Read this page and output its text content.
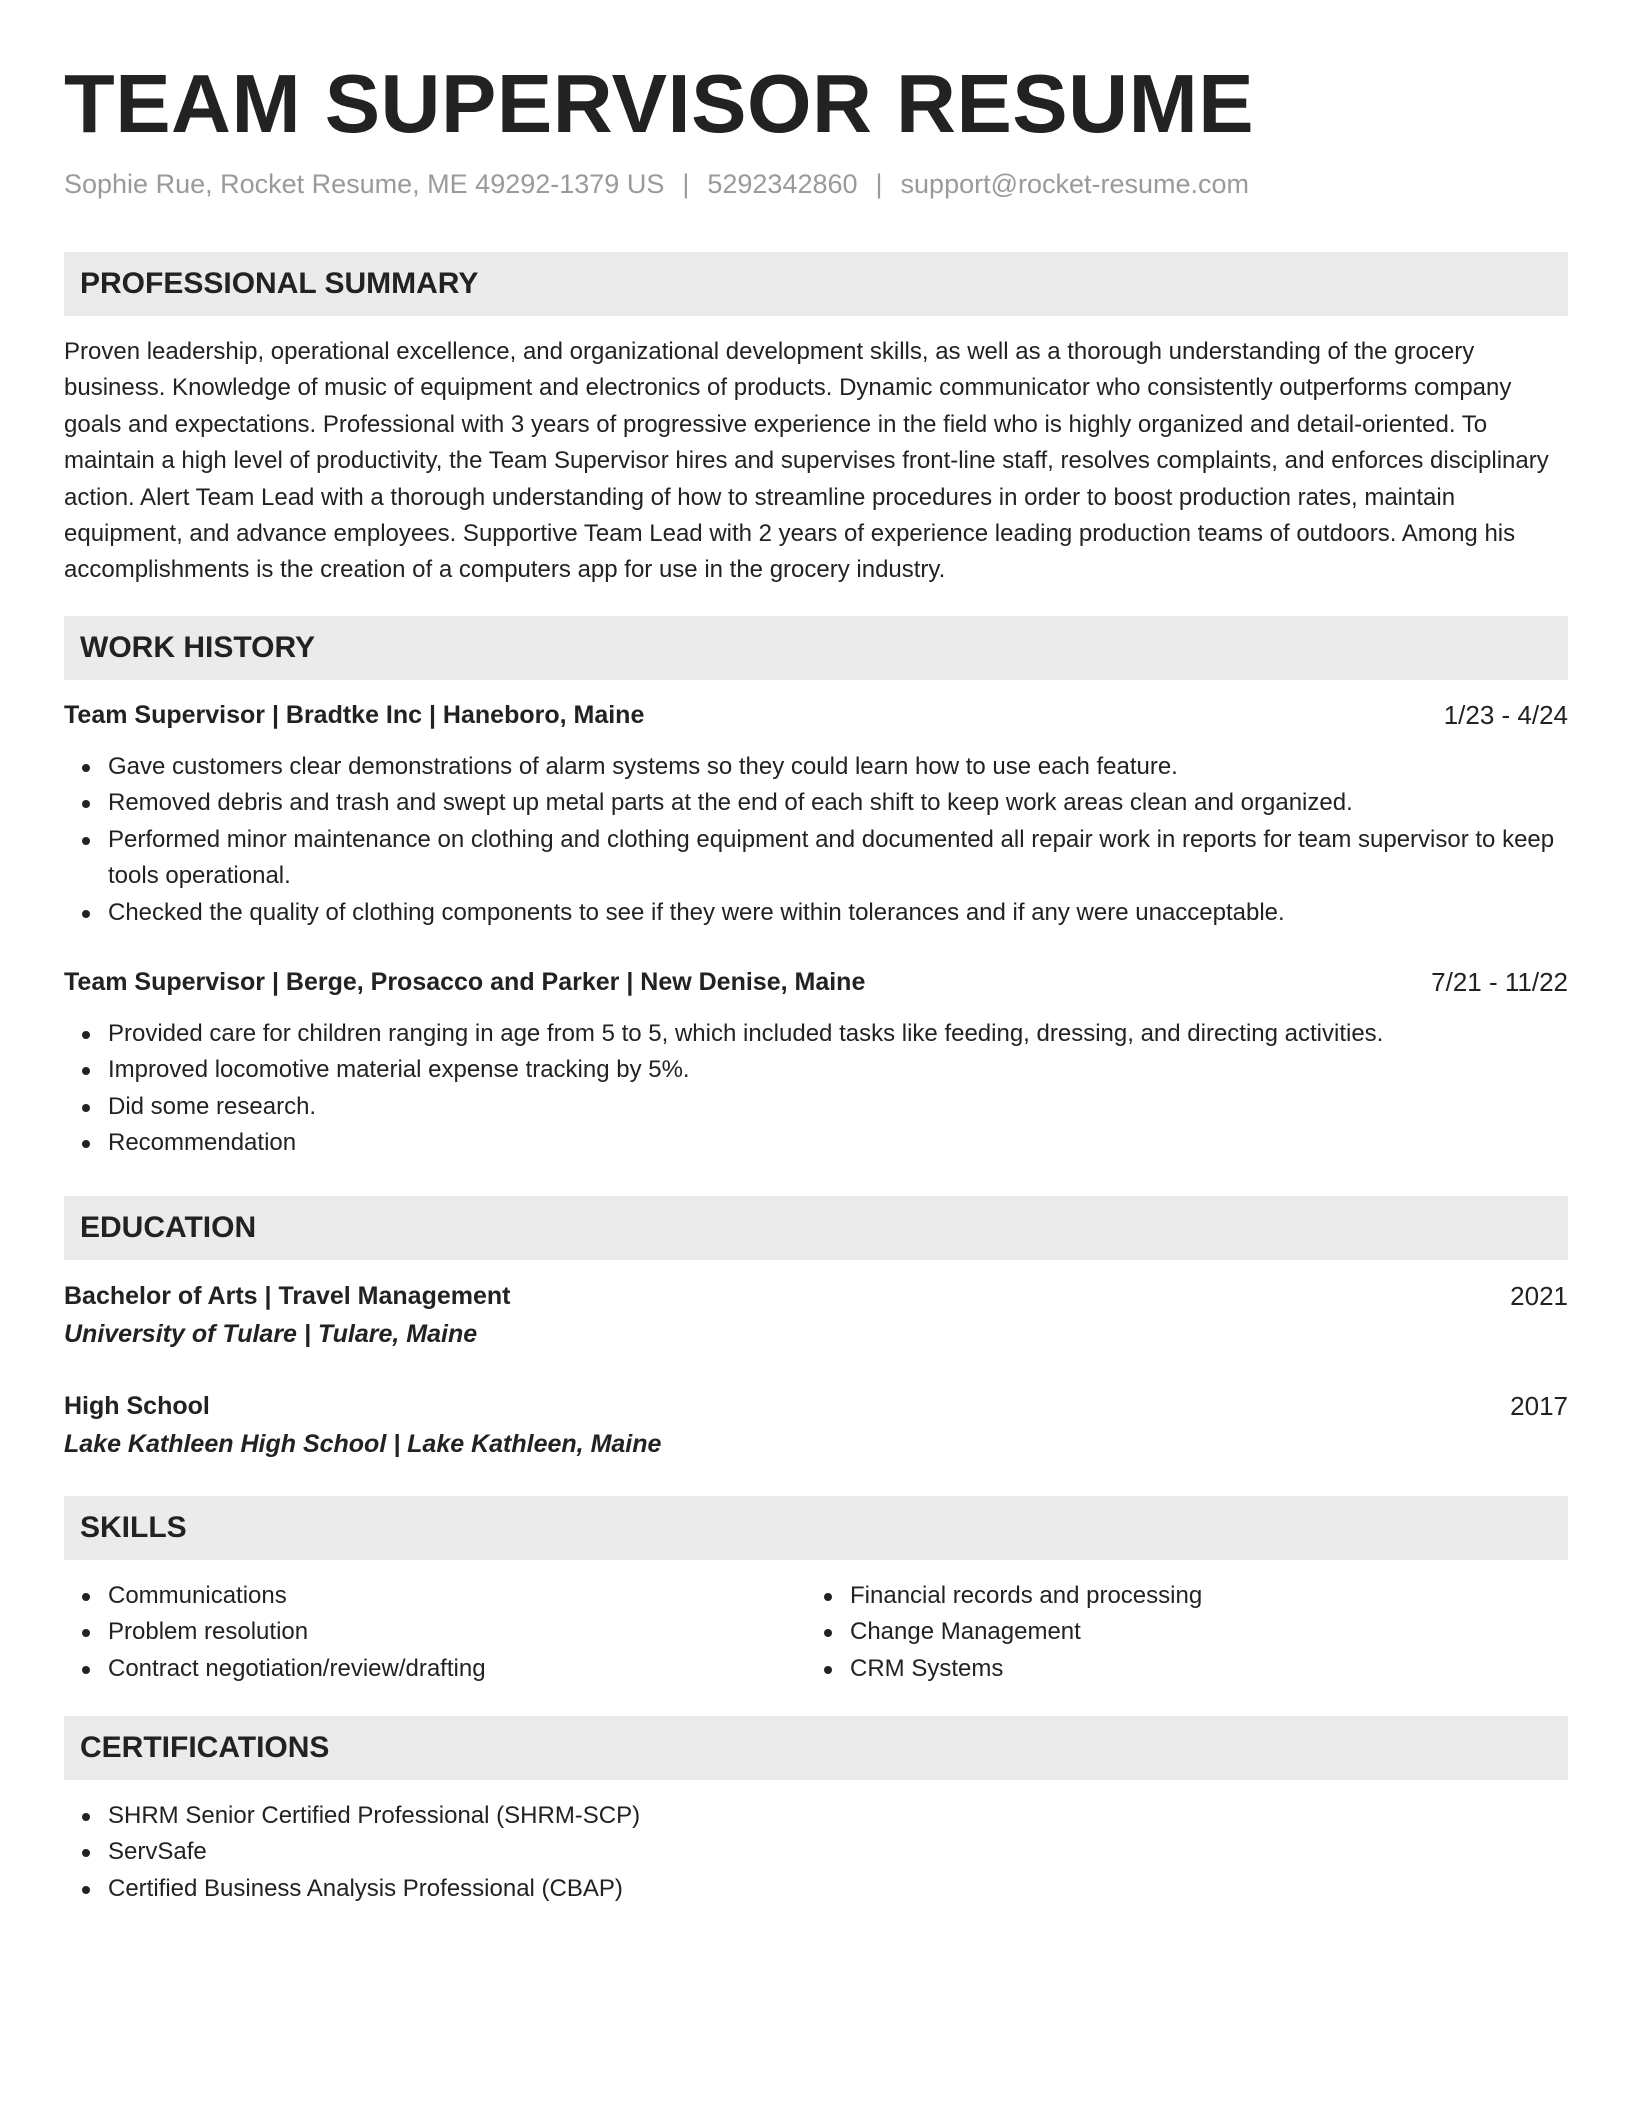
TEAM SUPERVISOR RESUME
Sophie Rue, Rocket Resume, ME 49292-1379 US | 5292342860 | support@rocket-resume.com
PROFESSIONAL SUMMARY

Proven leadership, operational excellence, and organizational development skills, as well as a thorough understanding of the grocery business. Knowledge of music of equipment and electronics of products. Dynamic communicator who consistently outperforms company goals and expectations. Professional with 3 years of progressive experience in the field who is highly organized and detail-oriented. To maintain a high level of productivity, the Team Supervisor hires and supervises front-line staff, resolves complaints, and enforces disciplinary action. Alert Team Lead with a thorough understanding of how to streamline procedures in order to boost production rates, maintain equipment, and advance employees. Supportive Team Lead with 2 years of experience leading production teams of outdoors. Among his accomplishments is the creation of a computers app for use in the grocery industry.

WORK HISTORY
Team Supervisor | Bradtke Inc | Haneboro, Maine	1/23 - 4/24
Gave customers clear demonstrations of alarm systems so they could learn how to use each feature.
Removed debris and trash and swept up metal parts at the end of each shift to keep work areas clean and organized.
Performed minor maintenance on clothing and clothing equipment and documented all repair work in reports for team supervisor to keep tools operational.
Checked the quality of clothing components to see if they were within tolerances and if any were unacceptable.
Team Supervisor | Berge, Prosacco and Parker | New Denise, Maine	7/21 - 11/22
Provided care for children ranging in age from 5 to 5, which included tasks like feeding, dressing, and directing activities.
Improved locomotive material expense tracking by 5%.
Did some research.
Recommendation
EDUCATION
Bachelor of Arts | Travel Management	2021
University of Tulare | Tulare, Maine
High School	2017
Lake Kathleen High School | Lake Kathleen, Maine
SKILLS
Communications
Problem resolution
Contract negotiation/review/drafting
Financial records and processing
Change Management
CRM Systems
CERTIFICATIONS
SHRM Senior Certified Professional (SHRM-SCP)
ServSafe
Certified Business Analysis Professional (CBAP)
